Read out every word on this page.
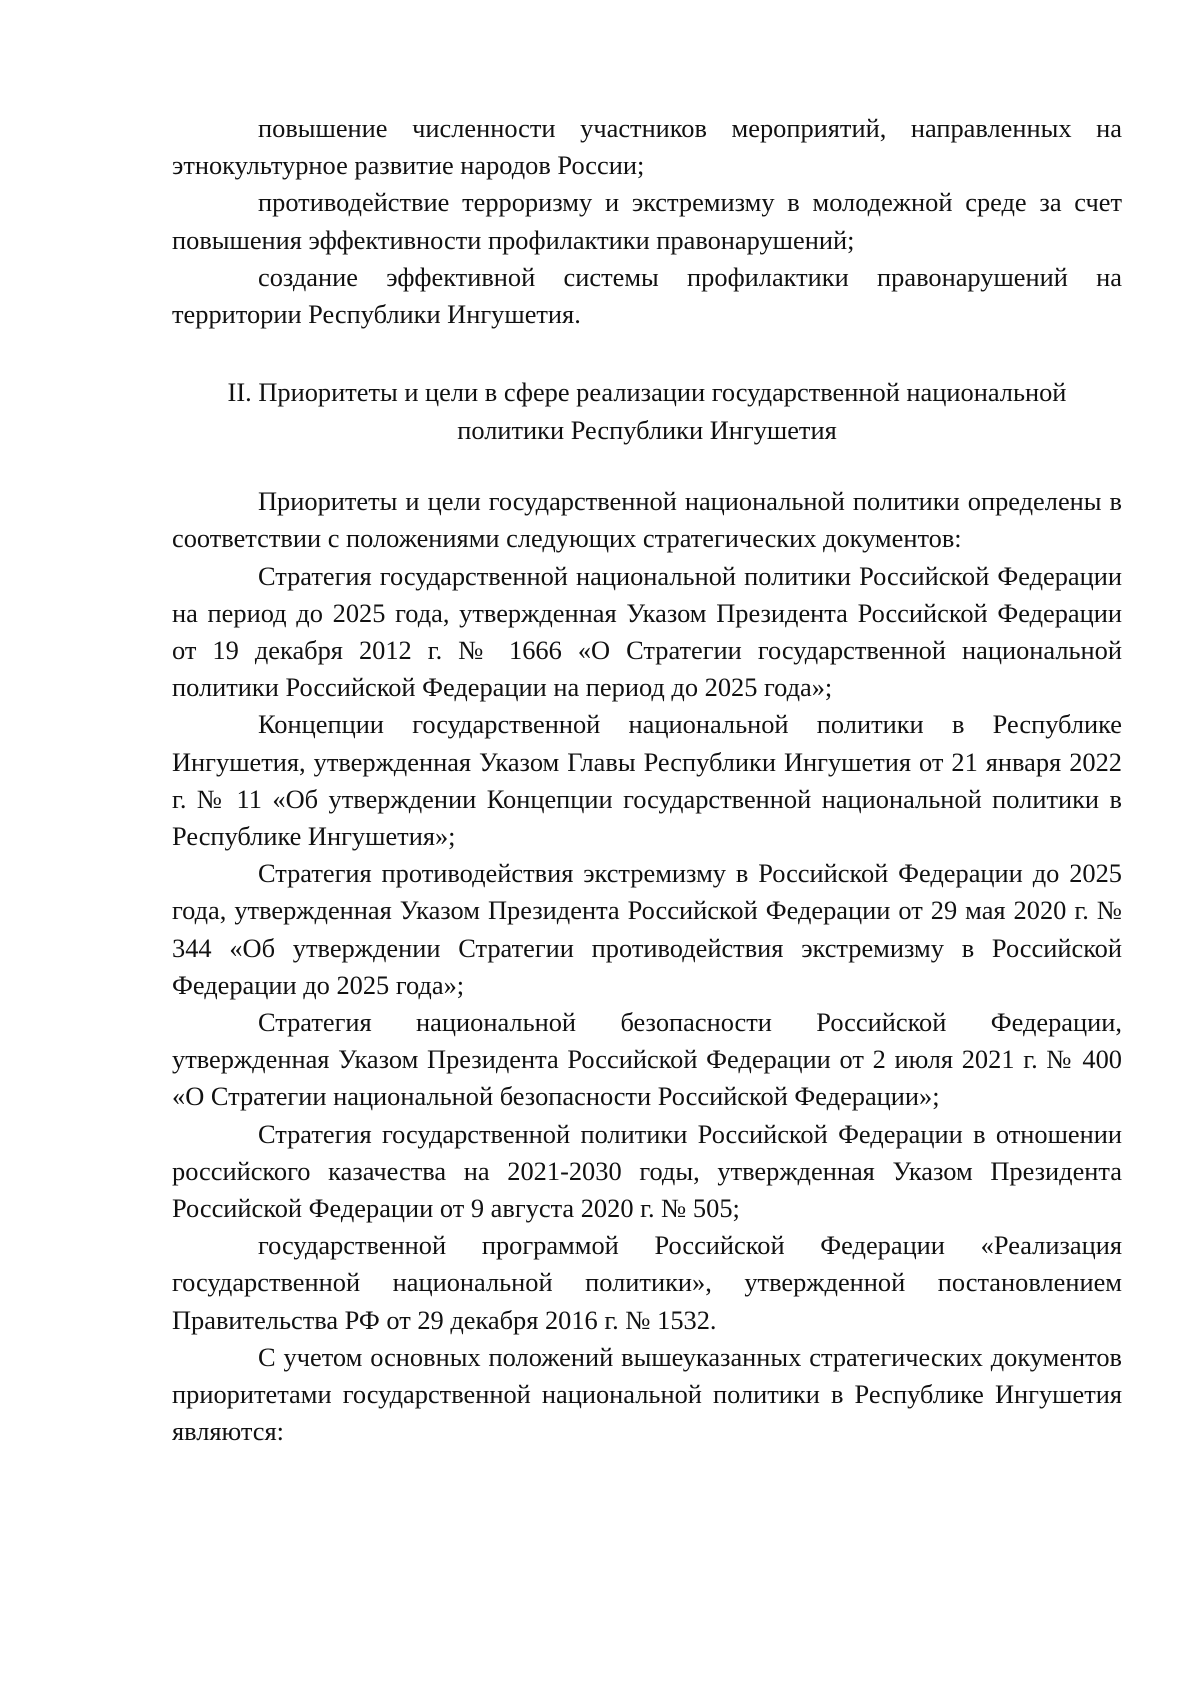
повышение численности участников мероприятий, направленных на этнокультурное развитие народов России;

противодействие терроризму и экстремизму в молодежной среде за счет повышения эффективности профилактики правонарушений;

создание эффективной системы профилактики правонарушений на территории Республики Ингушетия.

II. Приоритеты и цели в сфере реализации государственной национальной политики Республики Ингушетия

Приоритеты и цели государственной национальной политики определены в соответствии с положениями следующих стратегических документов:

Стратегия государственной национальной политики Российской Федерации на период до 2025 года, утвержденная Указом Президента Российской Федерации от 19 декабря 2012 г. № 1666 «О Стратегии государственной национальной политики Российской Федерации на период до 2025 года»;

Концепции государственной национальной политики в Республике Ингушетия, утвержденная Указом Главы Республики Ингушетия от 21 января 2022 г. № 11 «Об утверждении Концепции государственной национальной политики в Республике Ингушетия»;

Стратегия противодействия экстремизму в Российской Федерации до 2025 года, утвержденная Указом Президента Российской Федерации от 29 мая 2020 г. № 344 «Об утверждении Стратегии противодействия экстремизму в Российской Федерации до 2025 года»;

Стратегия национальной безопасности Российской Федерации, утвержденная Указом Президента Российской Федерации от 2 июля 2021 г. № 400 «О Стратегии национальной безопасности Российской Федерации»;

Стратегия государственной политики Российской Федерации в отношении российского казачества на 2021-2030 годы, утвержденная Указом Президента Российской Федерации от 9 августа 2020 г. № 505;

государственной программой Российской Федерации «Реализация государственной национальной политики», утвержденной постановлением Правительства РФ от 29 декабря 2016 г. № 1532.

С учетом основных положений вышеуказанных стратегических документов приоритетами государственной национальной политики в Республике Ингушетия являются:
